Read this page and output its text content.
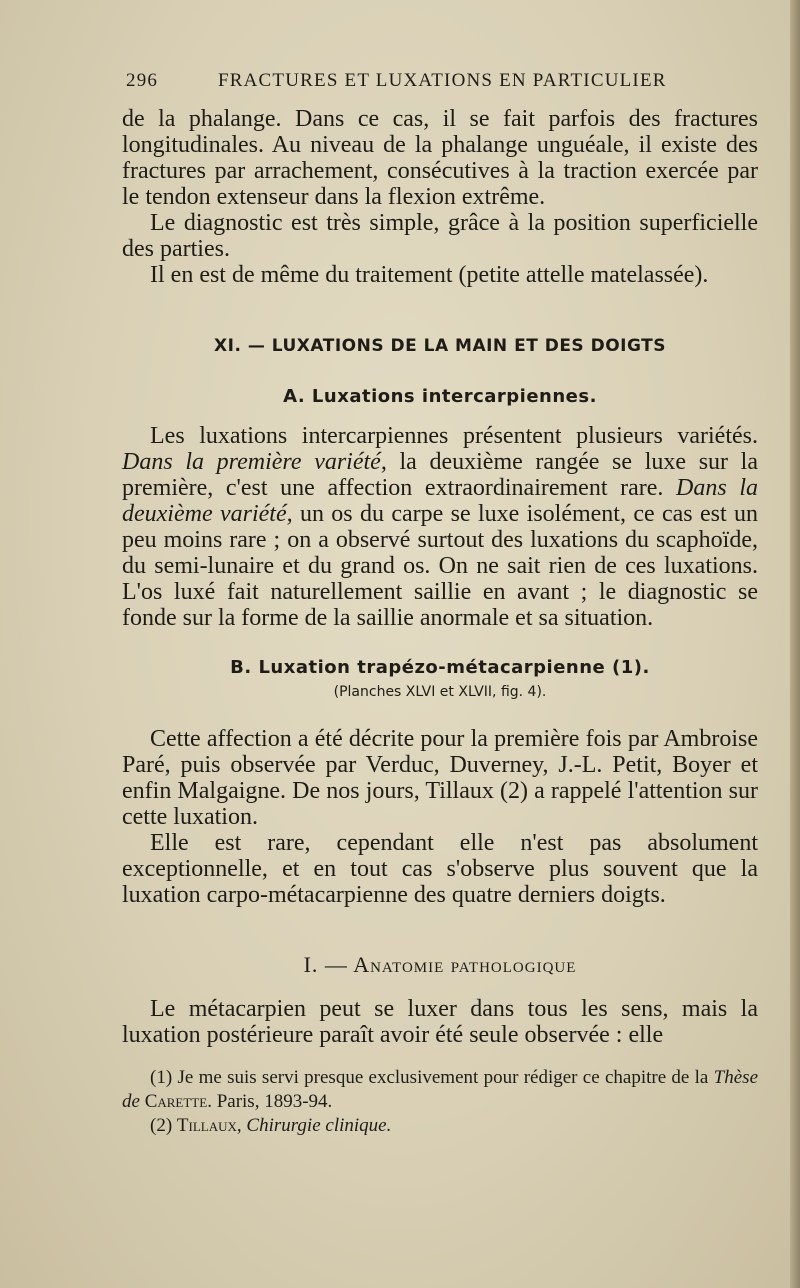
296	FRACTURES ET LUXATIONS EN PARTICULIER

de la phalange. Dans ce cas, il se fait parfois des fractures longitudinales. Au niveau de la phalange unguéale, il existe des fractures par arrachement, consécutives à la traction exercée par le tendon extenseur dans la flexion extrême.

Le diagnostic est très simple, grâce à la position superficielle des parties.

Il en est de même du traitement (petite attelle matelassée).

XI. — LUXATIONS DE LA MAIN ET DES DOIGTS
A. Luxations intercarpiennes.

Les luxations intercarpiennes présentent plusieurs variétés. Dans la première variété, la deuxième rangée se luxe sur la première, c'est une affection extraordinairement rare. Dans la deuxième variété, un os du carpe se luxe isolément, ce cas est un peu moins rare ; on a observé surtout des luxations du scaphoïde, du semi-lunaire et du grand os. On ne sait rien de ces luxations. L'os luxé fait naturellement saillie en avant ; le diagnostic se fonde sur la forme de la saillie anormale et sa situation.

B. Luxation trapézo-métacarpienne (1).
(Planches XLVI et XLVII, fig. 4).

Cette affection a été décrite pour la première fois par Ambroise Paré, puis observée par Verduc, Duverney, J.-L. Petit, Boyer et enfin Malgaigne. De nos jours, Tillaux (2) a rappelé l'attention sur cette luxation.

Elle est rare, cependant elle n'est pas absolument exceptionnelle, et en tout cas s'observe plus souvent que la luxation carpo-métacarpienne des quatre derniers doigts.

I. — Anatomie pathologique

Le métacarpien peut se luxer dans tous les sens, mais la luxation postérieure paraît avoir été seule observée : elle

(1) Je me suis servi presque exclusivement pour rédiger ce chapitre de la Thèse de Carette. Paris, 1893-94.

(2) Tillaux, Chirurgie clinique.
